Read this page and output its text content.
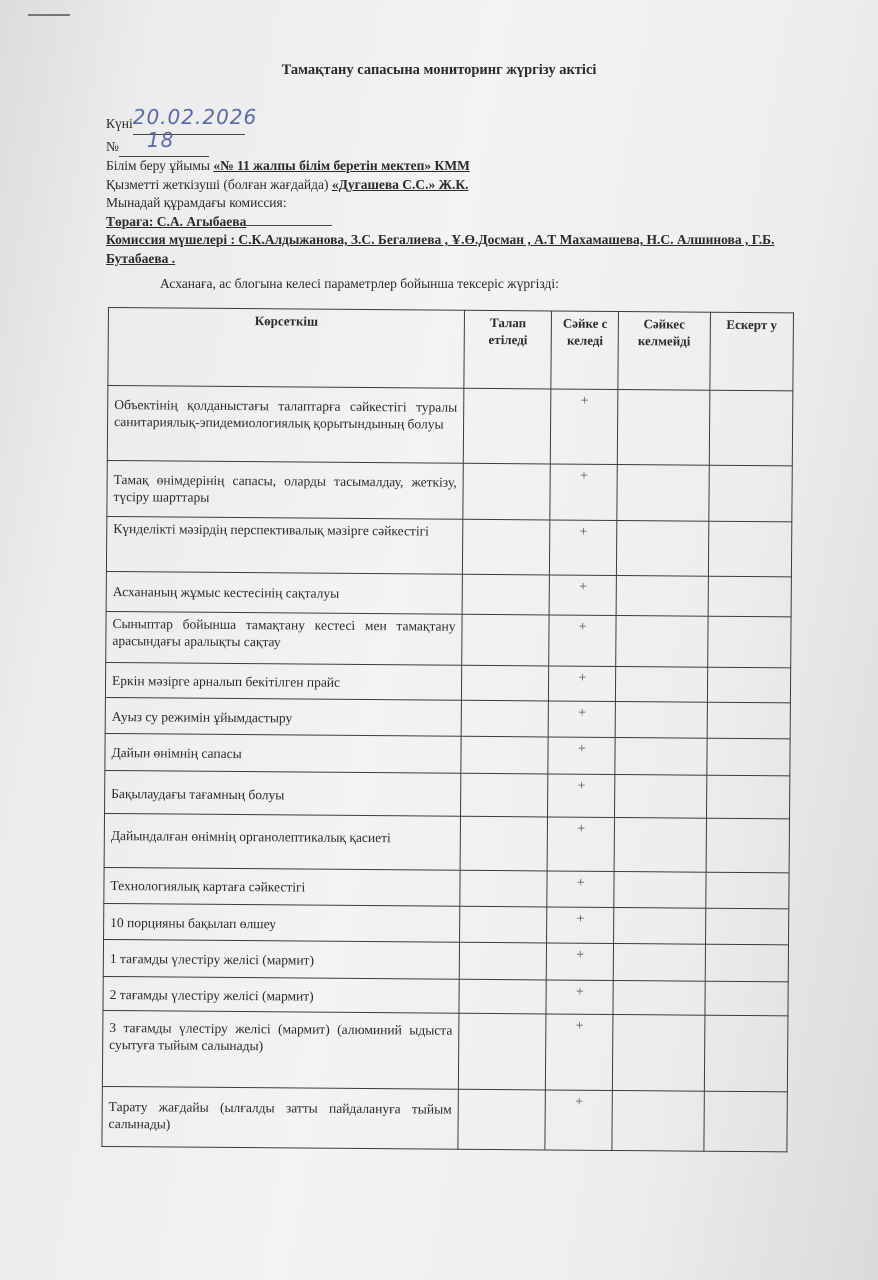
Тамақтану сапасына мониторинг жүргізу актісі
Күні20.02.2026
№ 18
Білім беру ұйымы «№ 11 жалпы білім беретін мектеп» КММ
Қызметті жеткізуші (болған жағдайда) «Дугашева С.С.» Ж.К.
Мынадай құрамдағы комиссия:
Төраға: С.А. Агыбаева
Комиссия мүшелері : С.К.Алдыжанова, З.С. Бегалиева , Ұ.Ө.Досман , А.Т Махамашева, Н.С. Алшинова , Г.Б. Бутабаева .
Асханаға, ас блогына келесі параметрлер бойынша тексеріс жүргізді:
Көрсеткіш	Талап етіледі	Сәйке с келеді	Сәйкес келмейді	Ескерт у
Объектінің қолданыстағы талаптарға сәйкестігі туралы санитариялық-эпидемиологиялық қорытындының болуы		+		
Тамақ өнімдерінің сапасы, оларды тасымалдау, жеткізу, түсіру шарттары		+		
Күнделікті мәзірдің перспективалық мәзірге сәйкестігі		+		
Асхананың жұмыс кестесінің сақталуы		+		
Сыныптар бойынша тамақтану кестесі мен тамақтану арасындағы аралықты сақтау		+		
Еркін мәзірге арналып бекітілген прайс		+		
Ауыз су режимін ұйымдастыру		+		
Дайын өнімнің сапасы		+		
Бақылаудағы тағамның болуы		+		
Дайындалған өнімнің органолептикалық қасиеті		+		
Технологиялық картаға сәйкестігі		+		
10 порцияны бақылап өлшеу		+		
1 тағамды үлестіру желісі (мармит)		+		
2 тағамды үлестіру желісі (мармит)		+		
3 тағамды үлестіру желісі (мармит) (алюминий ыдыста суытуға тыйым салынады)		+		
Тарату жағдайы (ылғалды затты пайдалануға тыйым салынады)		+		
